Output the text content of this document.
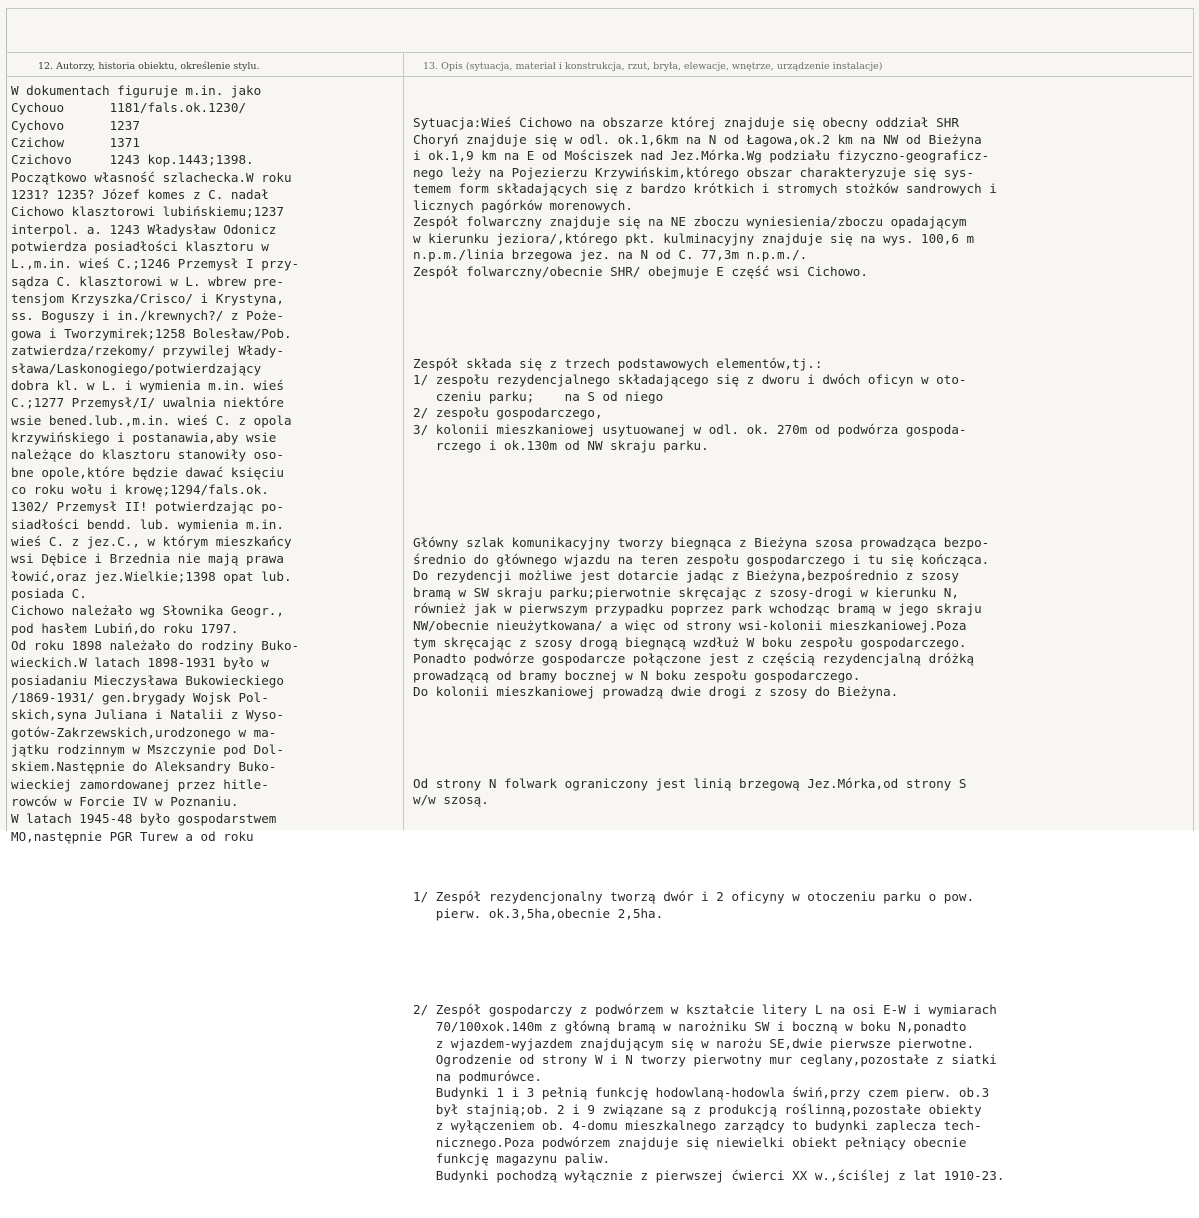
12. Autorzy, historia obiektu, określenie stylu.	13. Opis (sytuacja, materiał i konstrukcja, rzut, bryła, elewacje, wnętrze, urządzenie instalacje)
W dokumentach figuruje m.in. jako
Cychouo      1181/fals.ok.1230/
Cychovo      1237
Czichow      1371
Czichovo     1243 kop.1443;1398.
Początkowo własność szlachecka.W roku
1231? 1235? Józef komes z C. nadał
Cichowo klasztorowi lubińskiemu;1237
interpol. a. 1243 Władysław Odonicz
potwierdza posiadłości klasztoru w
L.,m.in. wieś C.;1246 Przemysł I przy-
sądza C. klasztorowi w L. wbrew pre-
tensjom Krzyszka/Crisco/ i Krystyna,
ss. Boguszy i in./krewnych?/ z Poże-
gowa i Tworzymirek;1258 Bolesław/Pob.
zatwierdza/rzekomy/ przywilej Włady-
sława/Laskonogiego/potwierdzający
dobra kl. w L. i wymienia m.in. wieś
C.;1277 Przemysł/I/ uwalnia niektóre
wsie bened.lub.,m.in. wieś C. z opola
krzywińskiego i postanawia,aby wsie
należące do klasztoru stanowiły oso-
bne opole,które będzie dawać księciu
co roku wołu i krowę;1294/fals.ok.
1302/ Przemysł II! potwierdzając po-
siadłości bendd. lub. wymienia m.in.
wieś C. z jez.C., w którym mieszkańcy
wsi Dębice i Brzednia nie mają prawa
łowić,oraz jez.Wielkie;1398 opat lub.
posiada C.
Cichowo należało wg Słownika Geogr.,
pod hasłem Lubiń,do roku 1797.
Od roku 1898 należało do rodziny Buko-
wieckich.W latach 1898-1931 było w
posiadaniu Mieczysława Bukowieckiego
/1869-1931/ gen.brygady Wojsk Pol-
skich,syna Juliana i Natalii z Wyso-
gotów-Zakrzewskich,urodzonego w ma-
jątku rodzinnym w Mszczynie pod Dol-
skiem.Następnie do Aleksandry Buko-
wieckiej zamordowanej przez hitle-
rowców w Forcie IV w Poznaniu.
W latach 1945-48 było gospodarstwem
MO,następnie PGR Turew a od roku

Sytuacja:Wieś Cichowo na obszarze której znajduje się obecny oddział SHR
Choryń znajduje się w odl. ok.1,6km na N od Łagowa,ok.2 km na NW od Bieżyna
i ok.1,9 km na E od Mościszek nad Jez.Mórka.Wg podziału fizyczno-geograficz-
nego leży na Pojezierzu Krzywińskim,którego obszar charakteryzuje się sys-
temem form składających się z bardzo krótkich i stromych stożków sandrowych i
licznych pagórków morenowych.
Zespół folwarczny znajduje się na NE zboczu wyniesienia/zboczu opadającym
w kierunku jeziora/,którego pkt. kulminacyjny znajduje się na wys. 100,6 m
n.p.m./linia brzegowa jez. na N od C. 77,3m n.p.m./.
Zespół folwarczny/obecnie SHR/ obejmuje E część wsi Cichowo.

Zespół składa się z trzech podstawowych elementów,tj.:
1/ zespołu rezydencjalnego składającego się z dworu i dwóch oficyn w oto-
czeniu parku;    na S od niego
2/ zespołu gospodarczego,
3/ kolonii mieszkaniowej usytuowanej w odl. ok. 270m od podwórza gospoda-
rczego i ok.130m od NW skraju parku.

Główny szlak komunikacyjny tworzy biegnąca z Bieżyna szosa prowadząca bezpo-
średnio do głównego wjazdu na teren zespołu gospodarczego i tu się kończąca.
Do rezydencji możliwe jest dotarcie jadąc z Bieżyna,bezpośrednio z szosy
bramą w SW skraju parku;pierwotnie skręcając z szosy-drogi w kierunku N,
również jak w pierwszym przypadku poprzez park wchodząc bramą w jego skraju
NW/obecnie nieużytkowana/ a więc od strony wsi-kolonii mieszkaniowej.Poza
tym skręcając z szosy drogą biegnącą wzdłuż W boku zespołu gospodarczego.
Ponadto podwórze gospodarcze połączone jest z częścią rezydencjalną dróżką
prowadzącą od bramy bocznej w N boku zespołu gospodarczego.
Do kolonii mieszkaniowej prowadzą dwie drogi z szosy do Bieżyna.

Od strony N folwark ograniczony jest linią brzegową Jez.Mórka,od strony S
w/w szosą.

1/ Zespół rezydencjonalny tworzą dwór i 2 oficyny w otoczeniu parku o pow.
pierw. ok.3,5ha,obecnie 2,5ha.

2/ Zespół gospodarczy z podwórzem w kształcie litery L na osi E-W i wymiarach
70/100xok.140m z główną bramą w narożniku SW i boczną w boku N,ponadto
z wjazdem-wyjazdem znajdującym się w narożu SE,dwie pierwsze pierwotne.
Ogrodzenie od strony W i N tworzy pierwotny mur ceglany,pozostałe z siatki
na podmurówce.
Budynki 1 i 3 pełnią funkcję hodowlaną-hodowla świń,przy czem pierw. ob.3
był stajnią;ob. 2 i 9 związane są z produkcją roślinną,pozostałe obiekty
z wyłączeniem ob. 4-domu mieszkalnego zarządcy to budynki zaplecza tech-
nicznego.Poza podwórzem znajduje się niewielki obiekt pełniący obecnie
funkcję magazynu paliw.
Budynki pochodzą wyłącznie z pierwszej ćwierci XX w.,ściślej z lat 1910-23.
